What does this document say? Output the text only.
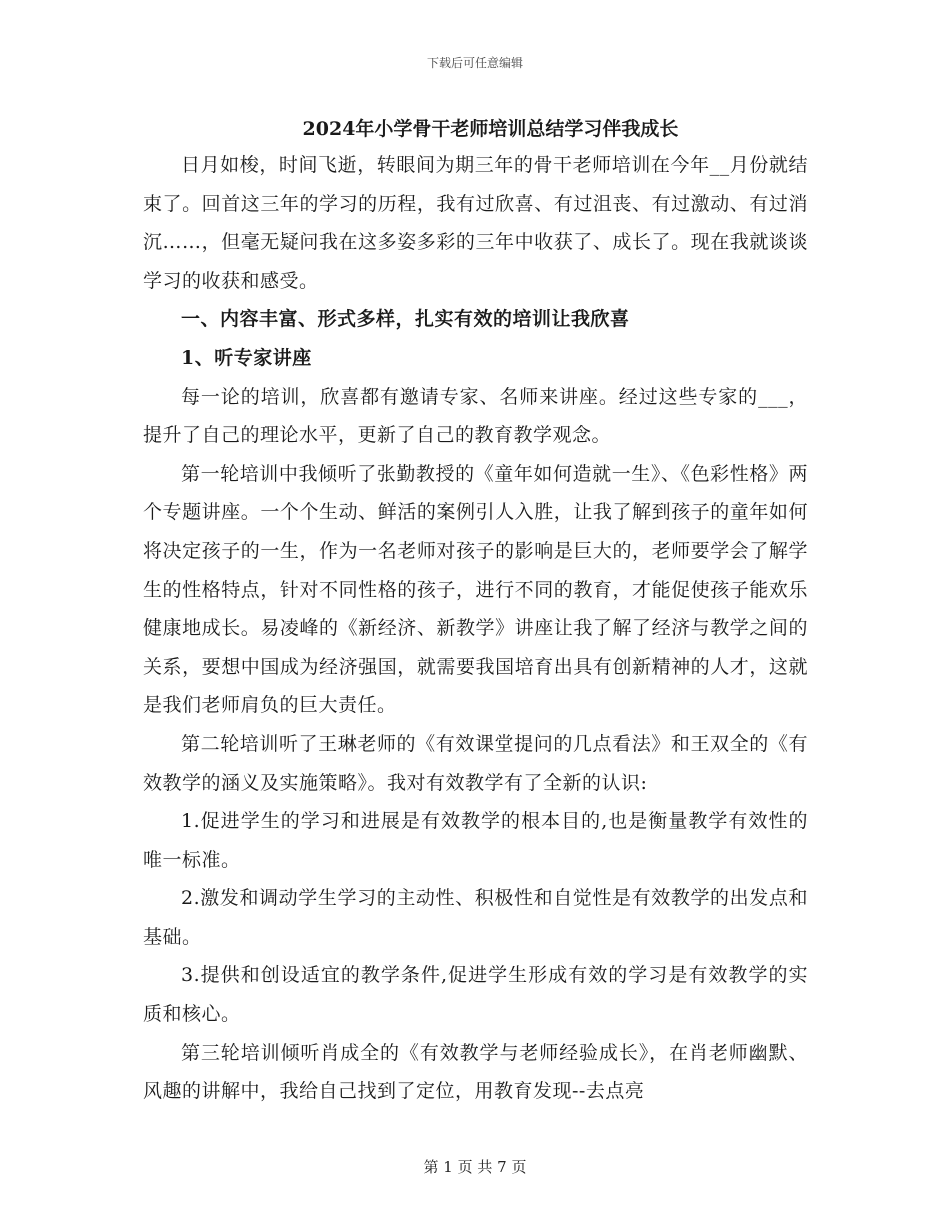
下载后可任意编辑
2024年小学骨干老师培训总结学习伴我成长

日月如梭，时间飞逝，转眼间为期三年的骨干老师培训在今年__月份就结束了。回首这三年的学习的历程，我有过欣喜、有过沮丧、有过激动、有过消沉……，但毫无疑问我在这多姿多彩的三年中收获了、成长了。现在我就谈谈学习的收获和感受。

一、内容丰富、形式多样，扎实有效的培训让我欣喜

1、听专家讲座

每一论的培训，欣喜都有邀请专家、名师来讲座。经过这些专家的___，提升了自己的理论水平，更新了自己的教育教学观念。

第一轮培训中我倾听了张勤教授的《童年如何造就一生》、《色彩性格》两个专题讲座。一个个生动、鲜活的案例引人入胜，让我了解到孩子的童年如何将决定孩子的一生，作为一名老师对孩子的影响是巨大的，老师要学会了解学生的性格特点，针对不同性格的孩子，进行不同的教育，才能促使孩子能欢乐健康地成长。易凌峰的《新经济、新教学》讲座让我了解了经济与教学之间的关系，要想中国成为经济强国，就需要我国培育出具有创新精神的人才，这就是我们老师肩负的巨大责任。

第二轮培训听了王琳老师的《有效课堂提问的几点看法》和王双全的《有效教学的涵义及实施策略》。我对有效教学有了全新的认识:

1.促进学生的学习和进展是有效教学的根本目的,也是衡量教学有效性的唯一标准。

2.激发和调动学生学习的主动性、积极性和自觉性是有效教学的出发点和基础。

3.提供和创设适宜的教学条件,促进学生形成有效的学习是有效教学的实质和核心。

第三轮培训倾听肖成全的《有效教学与老师经验成长》，在肖老师幽默、风趣的讲解中，我给自己找到了定位，用教育发现--去点亮

第 1 页 共 7 页
